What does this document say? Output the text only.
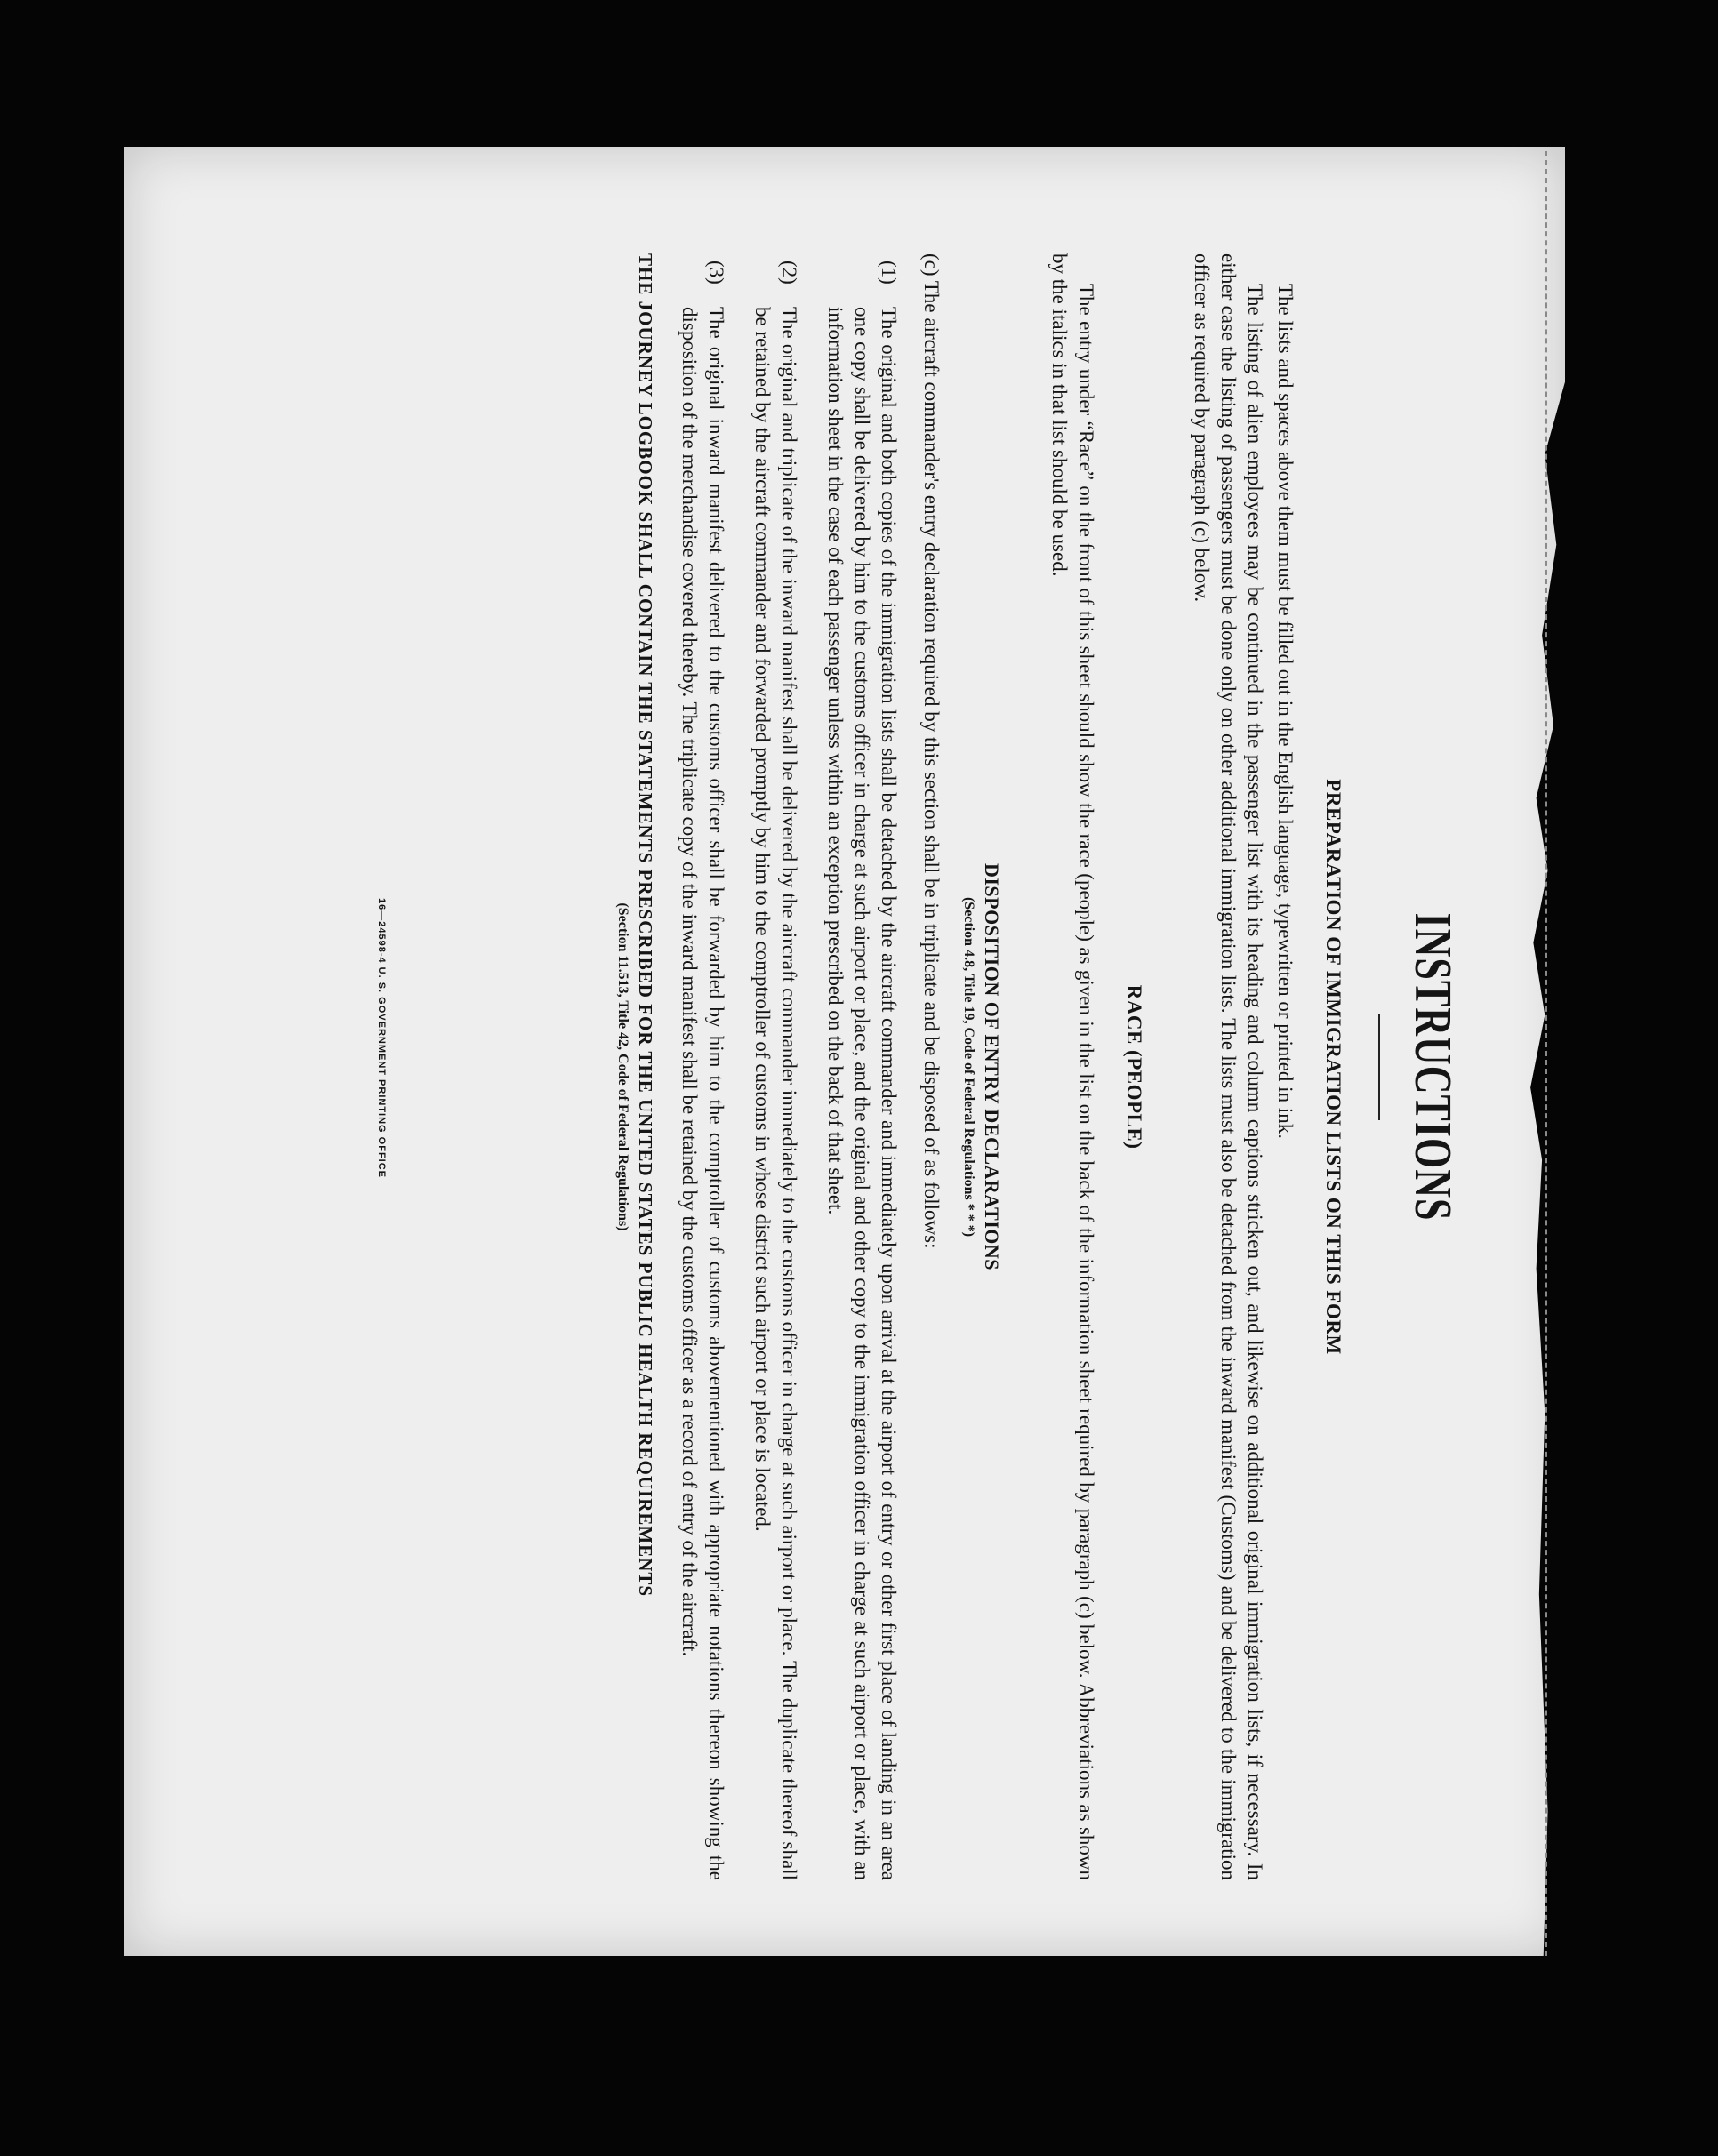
INSTRUCTIONS
PREPARATION OF IMMIGRATION LISTS ON THIS FORM

The lists and spaces above them must be filled out in the English language, typewritten or printed in ink.

The listing of alien employees may be continued in the passenger list with its heading and column captions stricken out, and likewise on additional original immigration lists, if necessary. In either case the listing of passengers must be done only on other additional immigration lists. The lists must also be detached from the inward manifest (Customs) and be delivered to the immigration officer as required by paragraph (c) below.

RACE (PEOPLE)

The entry under “Race” on the front of this sheet should show the race (people) as given in the list on the back of the information sheet required by paragraph (c) below. Abbreviations as shown by the italics in that list should be used.

DISPOSITION OF ENTRY DECLARATIONS
(Section 4.8, Title 19, Code of Federal Regulations * * *)

(c) The aircraft commander's entry declaration required by this section shall be in triplicate and be disposed of as follows:

(1)
The original and both copies of the immigration lists shall be detached by the aircraft commander and immediately upon arrival at the airport of entry or other first place of landing in an area one copy shall be delivered by him to the customs officer in charge at such airport or place, and the original and other copy to the immigration officer in charge at such airport or place, with an information sheet in the case of each passenger unless within an exception prescribed on the back of that sheet.
(2)
The original and triplicate of the inward manifest shall be delivered by the aircraft commander immediately to the customs officer in charge at such airport or place. The duplicate thereof shall be retained by the aircraft commander and forwarded promptly by him to the comptroller of customs in whose district such airport or place is located.
(3)
The original inward manifest delivered to the customs officer shall be forwarded by him to the comptroller of customs abovementioned with appropriate notations thereon showing the disposition of the merchandise covered thereby. The triplicate copy of the inward manifest shall be retained by the customs officer as a record of entry of the aircraft.
THE JOURNEY LOGBOOK SHALL CONTAIN THE STATEMENTS PRESCRIBED FOR THE UNITED STATES PUBLIC HEALTH REQUIREMENTS
(Section 11.513, Title 42, Code of Federal Regulations)
16—24598-4 U. S. GOVERNMENT PRINTING OFFICE
